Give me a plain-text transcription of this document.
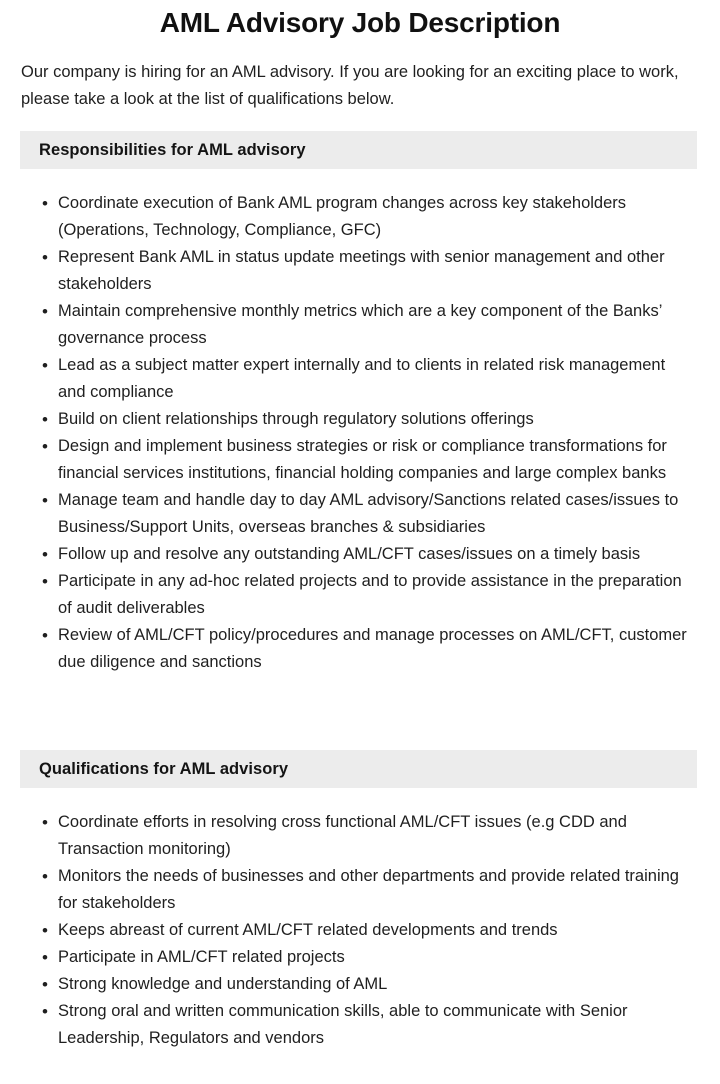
AML Advisory Job Description

Our company is hiring for an AML advisory. If you are looking for an exciting place to work, please take a look at the list of qualifications below.

Responsibilities for AML advisory
• Coordinate execution of Bank AML program changes across key stakeholders (Operations, Technology, Compliance, GFC)
• Represent Bank AML in status update meetings with senior management and other stakeholders
• Maintain comprehensive monthly metrics which are a key component of the Banks’ governance process
• Lead as a subject matter expert internally and to clients in related risk management and compliance
• Build on client relationships through regulatory solutions offerings
• Design and implement business strategies or risk or compliance transformations for financial services institutions, financial holding companies and large complex banks
• Manage team and handle day to day AML advisory/Sanctions related cases/issues to Business/Support Units, overseas branches & subsidiaries
• Follow up and resolve any outstanding AML/CFT cases/issues on a timely basis
• Participate in any ad-hoc related projects and to provide assistance in the preparation of audit deliverables
• Review of AML/CFT policy/procedures and manage processes on AML/CFT, customer due diligence and sanctions
Qualifications for AML advisory
• Coordinate efforts in resolving cross functional AML/CFT issues (e.g CDD and Transaction monitoring)
• Monitors the needs of businesses and other departments and provide related training for stakeholders
• Keeps abreast of current AML/CFT related developments and trends
• Participate in AML/CFT related projects
• Strong knowledge and understanding of AML
• Strong oral and written communication skills, able to communicate with Senior Leadership, Regulators and vendors
